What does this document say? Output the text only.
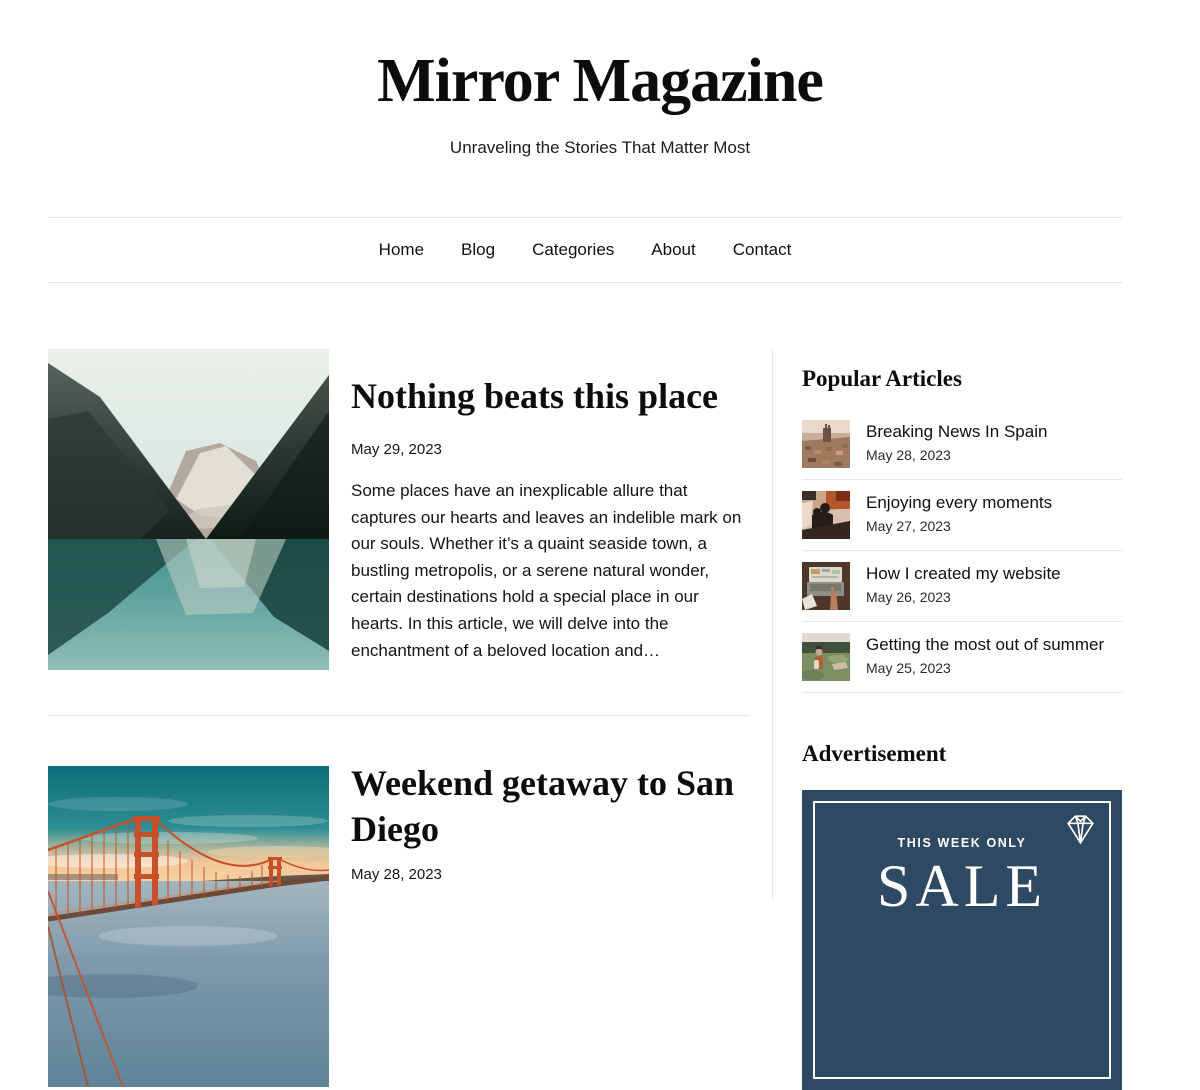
Mirror Magazine
Unraveling the Stories That Matter Most
Home Blog Categories About Contact
Nothing beats this place
May 29, 2023

Some places have an inexplicable allure that captures our hearts and leaves an indelible mark on our souls. Whether it’s a quaint seaside town, a bustling metropolis, or a serene natural wonder, certain destinations hold a special place in our hearts. In this article, we will delve into the enchantment of a beloved location and…

Weekend getaway to San Diego
May 28, 2023
Popular Articles
Breaking News In Spain
May 28, 2023
Enjoying every moments
May 27, 2023
How I created my website
May 26, 2023
Getting the most out of summer
May 25, 2023
Advertisement
THIS WEEK ONLY
SALE
